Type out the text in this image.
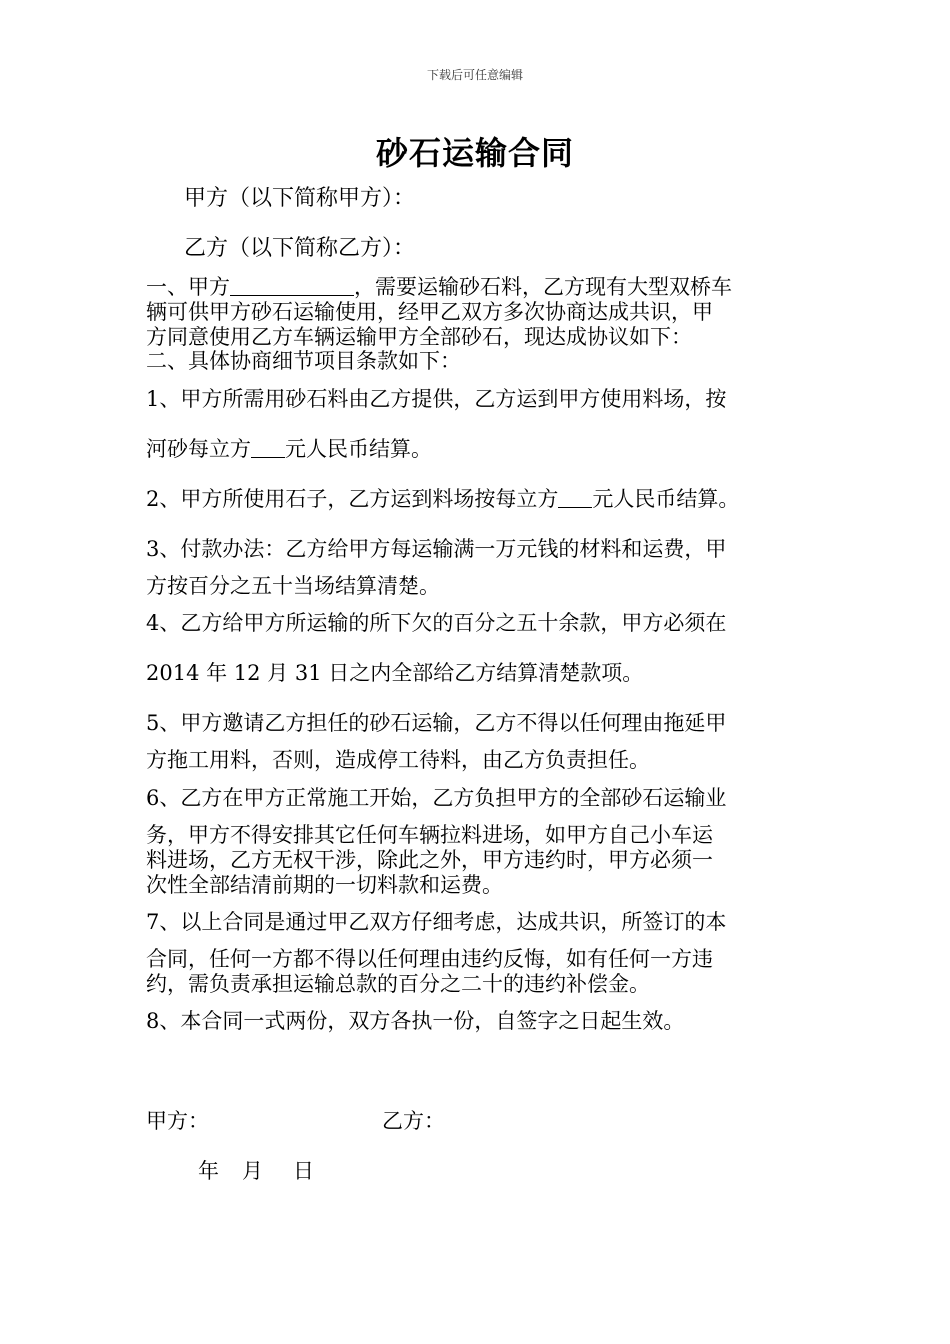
下载后可任意编辑
砂石运输合同
甲方（以下简称甲方）：
乙方（以下简称乙方）：
一、甲方	，需要运输砂石料，乙方现有大型双桥车
辆可供甲方砂石运输使用，经甲乙双方多次协商达成共识，甲
方同意使用乙方车辆运输甲方全部砂石，现达成协议如下：
二、具体协商细节项目条款如下：
1、甲方所需用砂石料由乙方提供，乙方运到甲方使用料场，按
河砂每立方 元人民币结算。
2、甲方所使用石子，乙方运到料场按每立方 元人民币结算。
3、付款办法：乙方给甲方每运输满一万元钱的材料和运费，甲
方按百分之五十当场结算清楚。
4、乙方给甲方所运输的所下欠的百分之五十余款，甲方必须在
2014 年 12 月 31 日之内全部给乙方结算清楚款项。
5、甲方邀请乙方担任的砂石运输，乙方不得以任何理由拖延甲
方拖工用料，否则，造成停工待料，由乙方负责担任。
6、乙方在甲方正常施工开始，乙方负担甲方的全部砂石运输业
务，甲方不得安排其它任何车辆拉料进场，如甲方自己小车运
料进场，乙方无权干涉，除此之外，甲方违约时，甲方必须一
次性全部结清前期的一切料款和运费。
7、以上合同是通过甲乙双方仔细考虑，达成共识，所签订的本
合同，任何一方都不得以任何理由违约反悔，如有任何一方违
约，需负责承担运输总款的百分之二十的违约补偿金。
8、本合同一式两份，双方各执一份，自签字之日起生效。
甲方：	乙方：
年 月 日
